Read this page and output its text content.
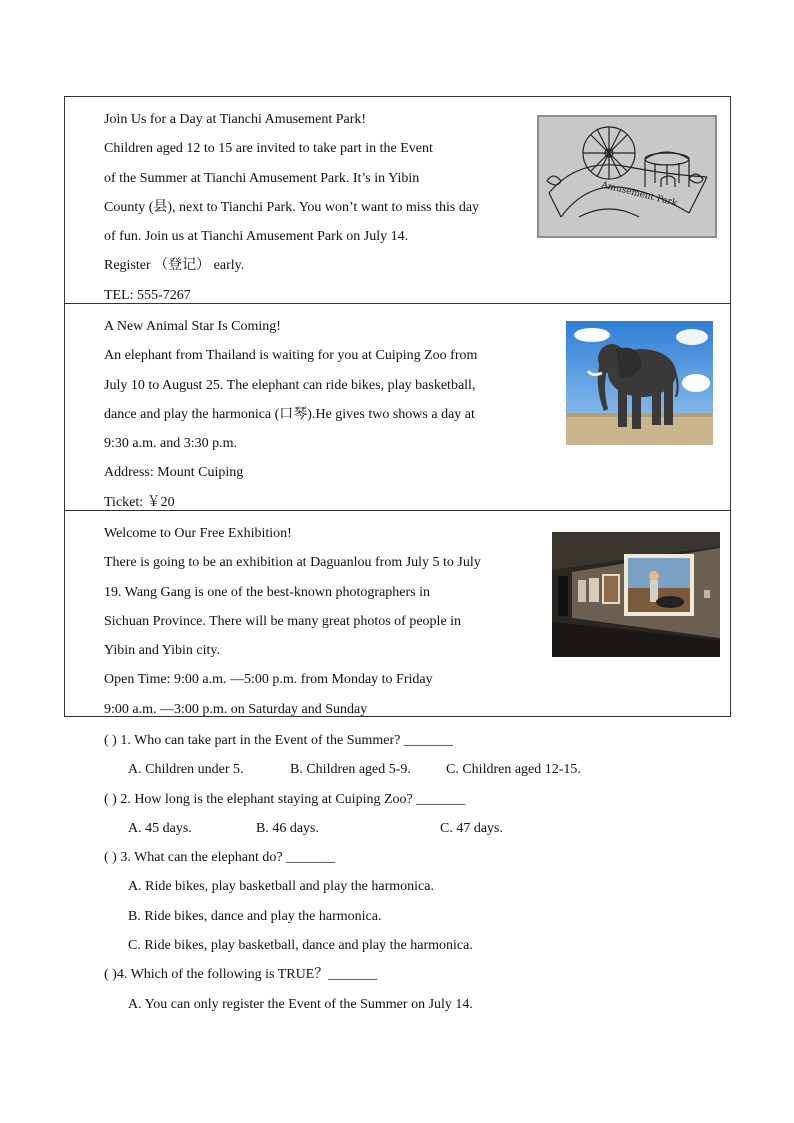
Join Us for a Day at Tianchi Amusement Park!
Children aged 12 to 15 are invited to take part in the Event
of the Summer at Tianchi Amusement Park. It’s in Yibin
County (县), next to Tianchi Park. You won’t want to miss this day
of fun. Join us at Tianchi Amusement Park on July 14.
Register （登记） early.
TEL: 555-7267
Amusement Park
A New Animal Star Is Coming!
An elephant from Thailand is waiting for you at Cuiping Zoo from
July 10 to August 25. The elephant can ride bikes, play basketball,
dance and play the harmonica (口琴).He gives two shows a day at
9:30 a.m. and 3:30 p.m.
Address: Mount Cuiping
Ticket: ￥20
Welcome to Our Free Exhibition!
There is going to be an exhibition at Daguanlou from July 5 to July
19. Wang Gang is one of the best-known photographers in
Sichuan Province. There will be many great photos of people in
Yibin and Yibin city.
Open Time: 9:00 a.m. —5:00 p.m. from Monday to Friday
9:00 a.m. —3:00 p.m. on Saturday and Sunday
( ) 1. Who can take part in the Event of the Summer? _______
A. Children under 5.	B. Children aged 5-9.	C. Children aged 12-15.
( ) 2. How long is the elephant staying at Cuiping Zoo? _______
A. 45 days.	B. 46 days.	C. 47 days.
( ) 3. What can the elephant do? _______
A. Ride bikes, play basketball and play the harmonica.
B. Ride bikes, dance and play the harmonica.
C. Ride bikes, play basketball, dance and play the harmonica.
( )4. Which of the following is TRUE？_______
A. You can only register the Event of the Summer on July 14.
